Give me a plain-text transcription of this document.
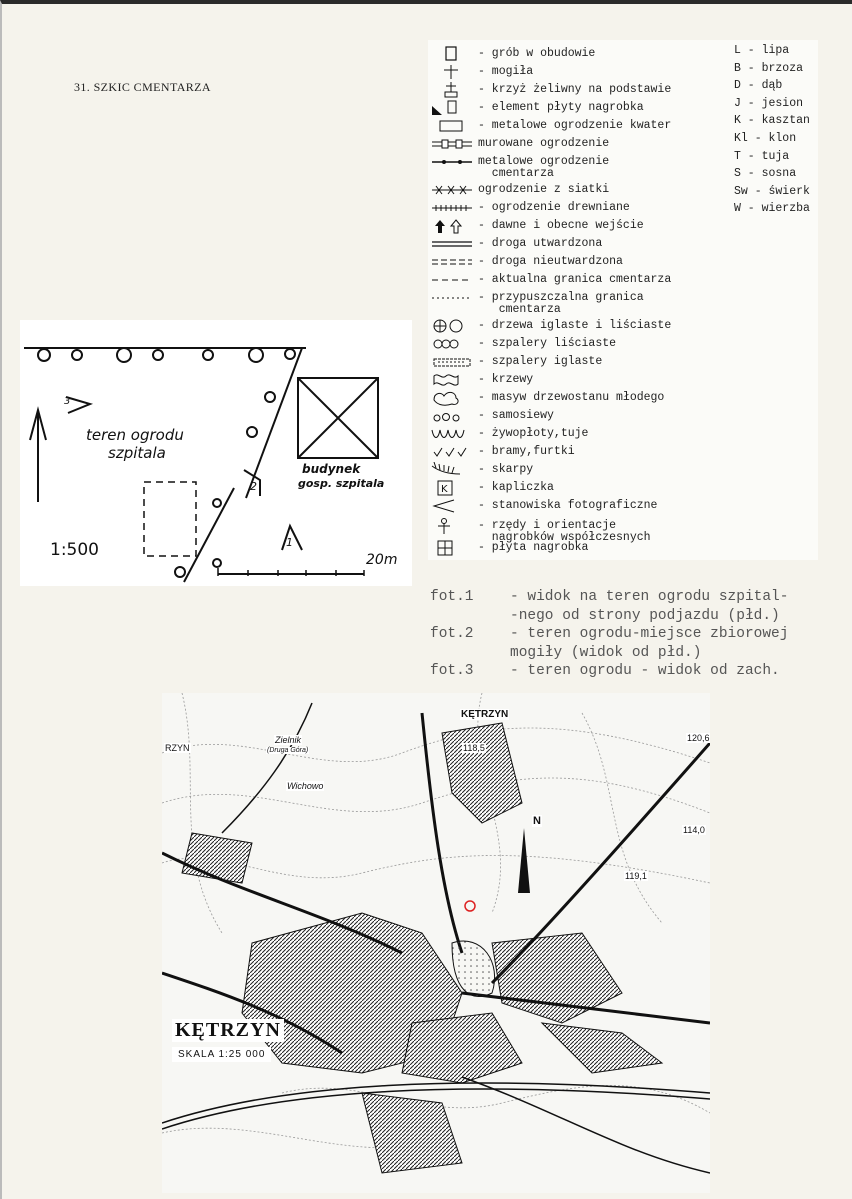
31. SZKIC CMENTARZA
- grób w obudowie
- mogiła
- krzyż żeliwny na podstawie
- element płyty nagrobka
- metalowe ogrodzenie kwater
murowane ogrodzenie
metalowe ogrodzenie
cmentarza
ogrodzenie z siatki
- ogrodzenie drewniane
- dawne i obecne wejście
- droga utwardzona
- droga nieutwardzona
- aktualna granica cmentarza
- przypuszczalna granica
cmentarza
- drzewa iglaste i liściaste
- szpalery liściaste
- szpalery iglaste
- krzewy
- masyw drzewostanu młodego
- samosiewy
- żywopłoty,tuje
- bramy,furtki
- skarpy
K	- kapliczka
- stanowiska fotograficzne
- rzędy i orientacje
nagrobków współczesnych
- płyta nagrobka
L - lipa
B - brzoza
D - dąb
J - jesion
K - kasztan
Kl - klon
T - tuja
S - sosna
Sw - świerk
W - wierzba
teren ogrodu
szpitala
budynek
gosp. szpitala
1:500	20m
3
2
1
fot.1	- widok na teren ogrodu szpital-
-nego od strony podjazdu (płd.)
fot.2	- teren ogrodu-miejsce zbiorowej
mogiły (widok od płd.)
fot.3	- teren ogrodu - widok od zach.
KĘTRZYN
Zielnik
(Druga Góra)
Wichowo
118,5
120,6
114,0
119,1
N
RZYN
KĘTRZYN
SKALA 1:25 000
